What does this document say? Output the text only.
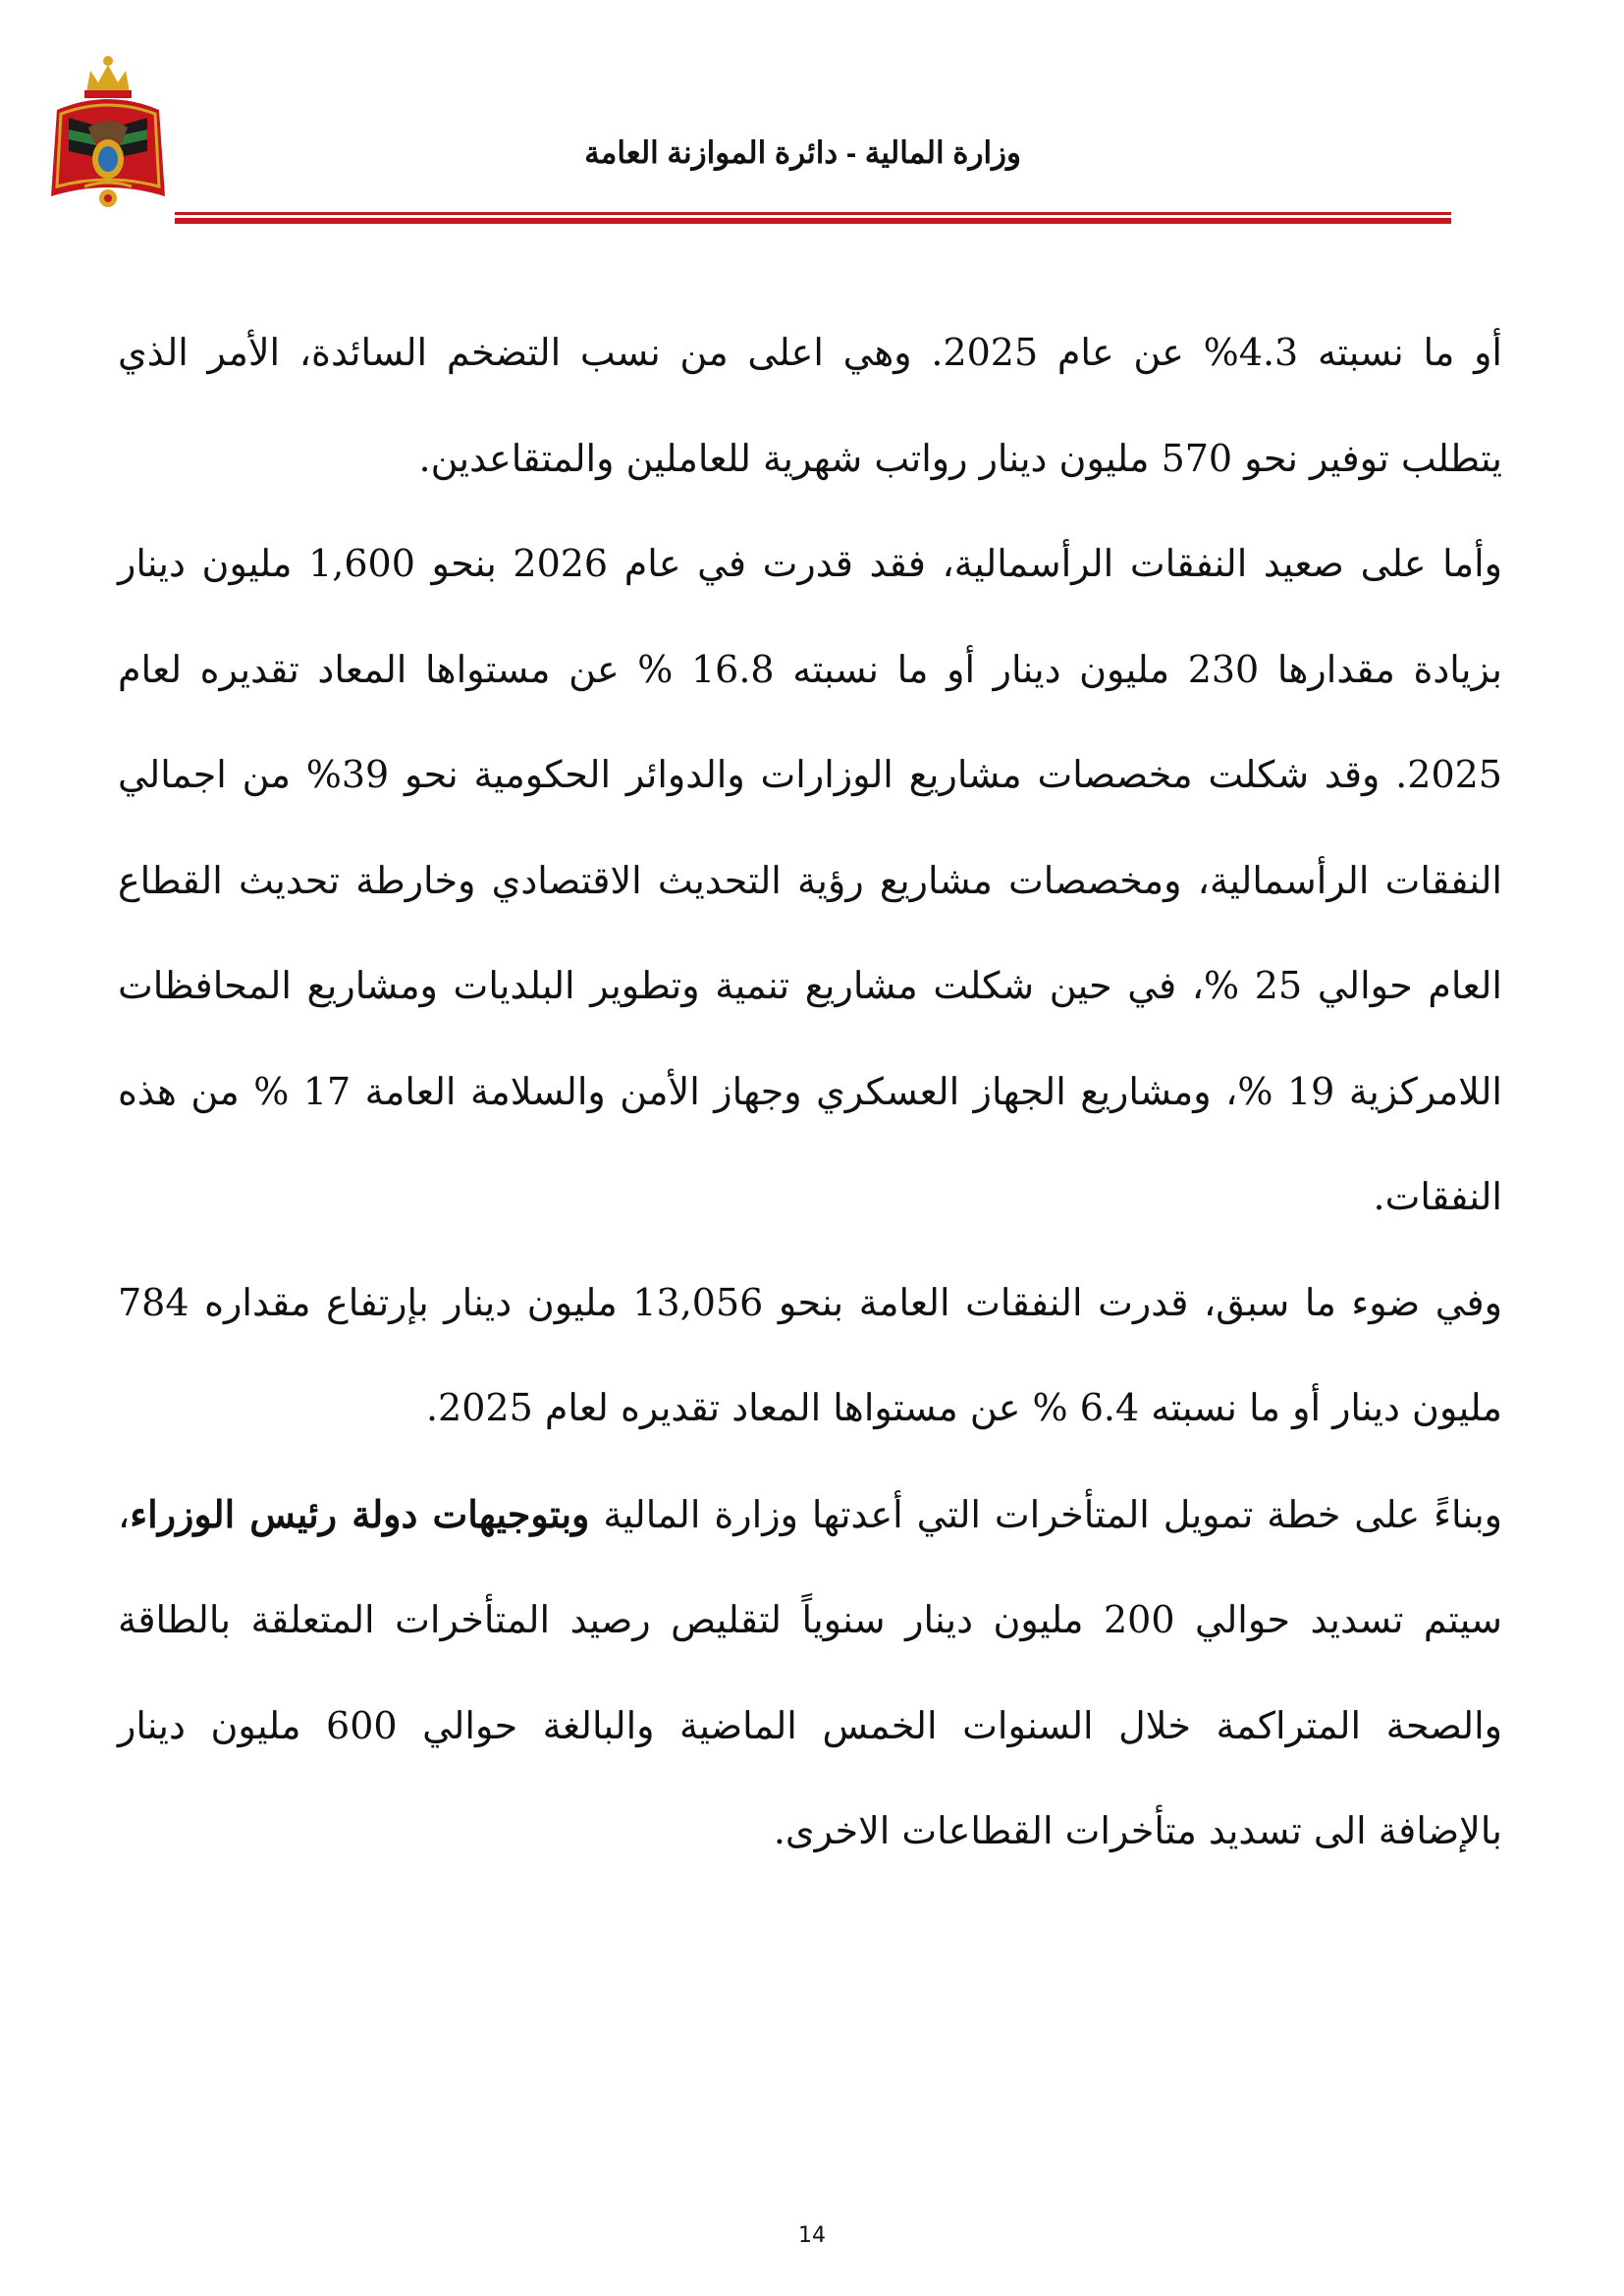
وزارة المالية - دائرة الموازنة العامة

أو ما نسبته 4.3% عن عام 2025. وهي اعلى من نسب التضخم السائدة، الأمر الذي يتطلب توفير نحو 570 مليون دينار رواتب شهرية للعاملين والمتقاعدين.

وأما على صعيد النفقات الرأسمالية، فقد قدرت في عام 2026 بنحو 1,600 مليون دينار بزيادة مقدارها 230 مليون دينار أو ما نسبته 16.8 % عن مستواها المعاد تقديره لعام 2025. وقد شكلت مخصصات مشاريع الوزارات والدوائر الحكومية نحو 39% من اجمالي النفقات الرأسمالية، ومخصصات مشاريع رؤية التحديث الاقتصادي وخارطة تحديث القطاع العام حوالي 25 %، في حين شكلت مشاريع تنمية وتطوير البلديات ومشاريع المحافظات اللامركزية 19 %، ومشاريع الجهاز العسكري وجهاز الأمن والسلامة العامة 17 % من هذه النفقات.

وفي ضوء ما سبق، قدرت النفقات العامة بنحو 13,056 مليون دينار بإرتفاع مقداره 784 مليون دينار أو ما نسبته 6.4 % عن مستواها المعاد تقديره لعام 2025.

وبناءً على خطة تمويل المتأخرات التي أعدتها وزارة المالية وبتوجيهات دولة رئيس الوزراء، سيتم تسديد حوالي 200 مليون دينار سنوياً لتقليص رصيد المتأخرات المتعلقة بالطاقة والصحة المتراكمة خلال السنوات الخمس الماضية والبالغة حوالي 600 مليون دينار بالإضافة الى تسديد متأخرات القطاعات الاخرى.

14
